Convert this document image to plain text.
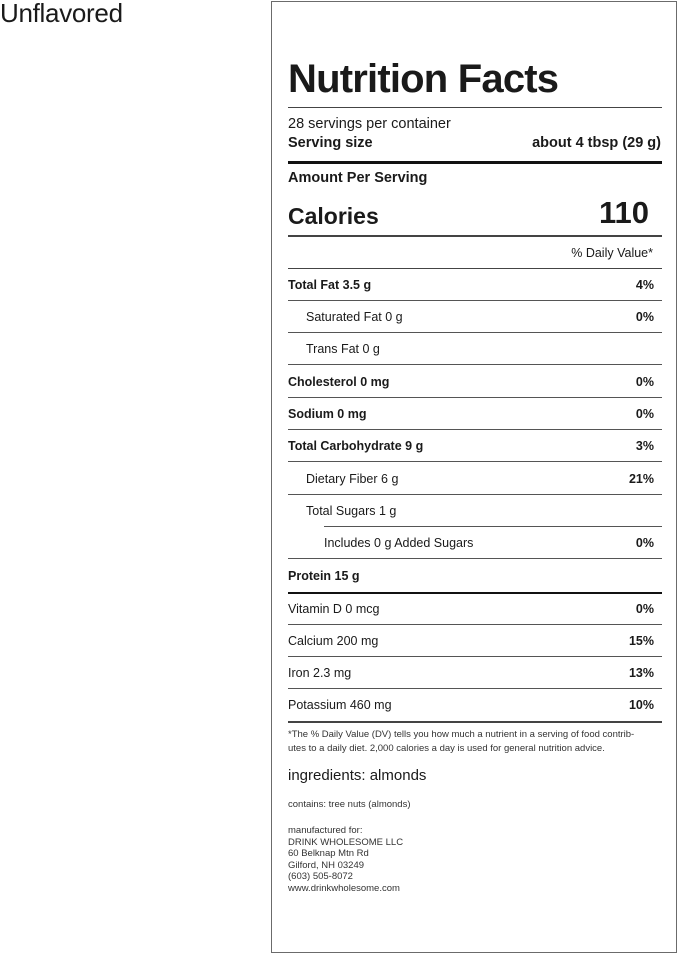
Unflavored
Nutrition Facts
28 servings per container
Serving size	about 4 tbsp (29 g)
Amount Per Serving
Calories	110
% Daily Value*
Total Fat 3.5 g	4%
Saturated Fat 0 g	0%
Trans Fat 0 g
Cholesterol 0 mg	0%
Sodium 0 mg	0%
Total Carbohydrate 9 g	3%
Dietary Fiber 6 g	21%
Total Sugars 1 g
Includes 0 g Added Sugars	0%
Protein 15 g
Vitamin D 0 mcg	0%
Calcium 200 mg	15%
Iron 2.3 mg	13%
Potassium 460 mg	10%
*The % Daily Value (DV) tells you how much a nutrient in a serving of food contrib-
utes to a daily diet. 2,000 calories a day is used for general nutrition advice.
ingredients: almonds
contains: tree nuts (almonds)
manufactured for:
DRINK WHOLESOME LLC
60 Belknap Mtn Rd
Gilford, NH 03249
(603) 505-8072
www.drinkwholesome.com
